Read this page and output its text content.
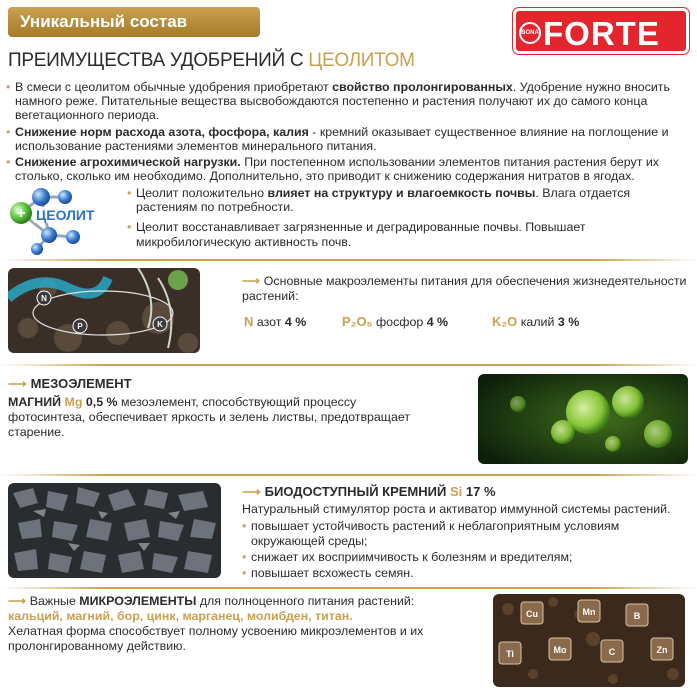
Уникальный состав продукта	BONA FORTE
ПРЕИМУЩЕСТВА УДОБРЕНИЙ С ЦЕОЛИТОМ
• В смеси с цеолитом обычные удобрения приобретают свойство пролонгированных. Удобрение нужно вносить намного реже. Питательные вещества высвобождаются постепенно и растения получают их до самого конца вегетационного периода.
• Снижение норм расхода азота, фосфора, калия - кремний оказывает существенное влияние на поглощение и использование растениями элементов минерального питания.
• Снижение агрохимической нагрузки. При постепенном использовании элементов питания растения берут их столько, сколько им необходимо. Дополнительно, это приводит к снижению содержания нитратов в ягодах.
+ ЦЕОЛИТ
• Цеолит положительно влияет на структуру и влагоемкость почвы. Влага отдается растениям по потребности.
• Цеолит восстанавливает загрязненные и деградированные почвы. Повышает микробилогическую активность почв.
N
P	K
⟶ Основные макроэлементы питания для обеспечения жизнедеятельности растений:
N азот 4 %	P₂O₅ фосфор 4 %	K₂O калий 3 %
⟶ МЕЗОЭЛЕМЕНТ
МАГНИЙ Mg 0,5 % мезоэлемент, способствующий процессу фотосинтеза, обеспечивает яркость и зелень листвы, предотвращает старение.
⟶ БИОДОСТУПНЫЙ КРЕМНИЙ Si 17 %
Натуральный стимулятор роста и активатор иммунной системы растений.
• повышает устойчивость растений к неблагоприятным условиям окружающей среды;
• снижает их восприимчивость к болезням и вредителям;
• повышает всхожесть семян.
⟶ Важные МИКРОЭЛЕМЕНТЫ для полноценного питания растений:
кальций, магний, бор, цинк, марганец, молибден, титан.
Хелатная форма способствует полному усвоению микроэлементов и их пролонгированному действию.
Cu	Mn	B
Ti	Mo	C	Zn
